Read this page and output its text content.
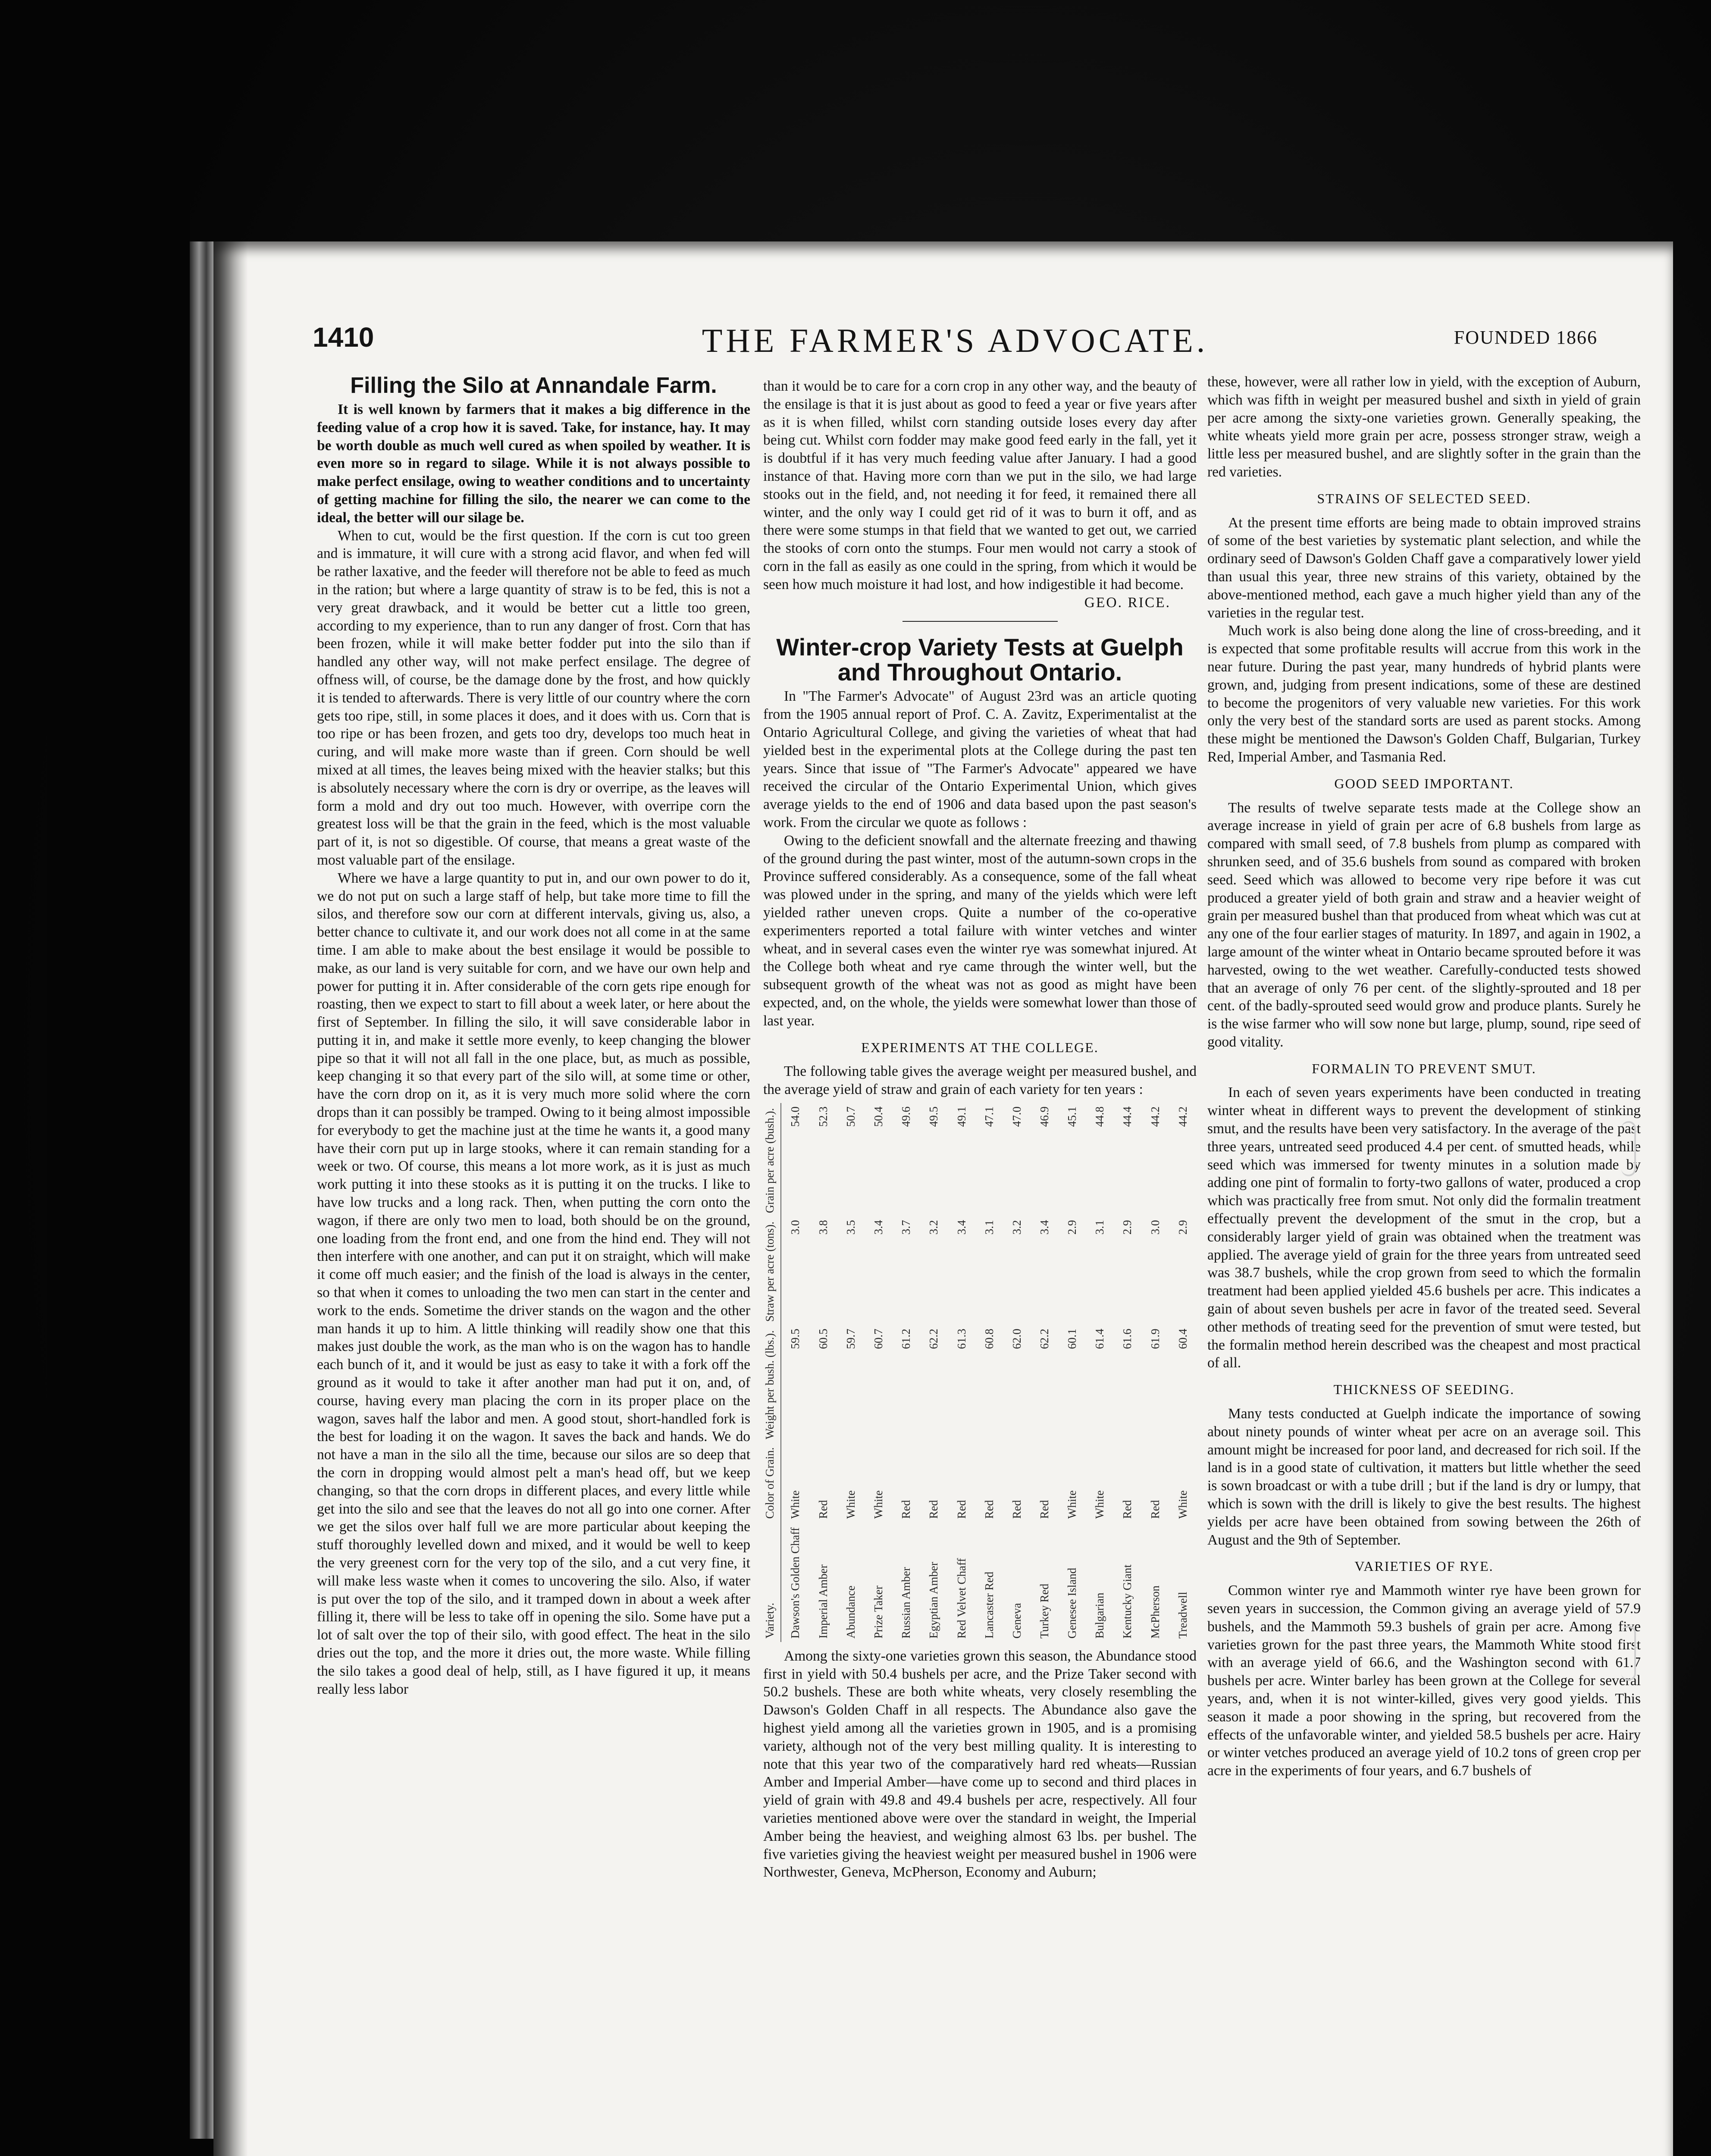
1410	THE FARMER'S ADVOCATE.	FOUNDED 1866
Filling the Silo at Annandale Farm.

It is well known by farmers that it makes a big difference in the feeding value of a crop how it is saved. Take, for instance, hay. It may be worth double as much well cured as when spoiled by weather. It is even more so in regard to silage. While it is not always possible to make perfect ensilage, owing to weather conditions and to uncertainty of getting machine for filling the silo, the nearer we can come to the ideal, the better will our silage be.

When to cut, would be the first question. If the corn is cut too green and is immature, it will cure with a strong acid flavor, and when fed will be rather laxative, and the feeder will therefore not be able to feed as much in the ration; but where a large quantity of straw is to be fed, this is not a very great drawback, and it would be better cut a little too green, according to my experience, than to run any danger of frost. Corn that has been frozen, while it will make better fodder put into the silo than if handled any other way, will not make perfect ensilage. The degree of offness will, of course, be the damage done by the frost, and how quickly it is tended to afterwards. There is very little of our country where the corn gets too ripe, still, in some places it does, and it does with us. Corn that is too ripe or has been frozen, and gets too dry, develops too much heat in curing, and will make more waste than if green. Corn should be well mixed at all times, the leaves being mixed with the heavier stalks; but this is absolutely necessary where the corn is dry or overripe, as the leaves will form a mold and dry out too much. However, with overripe corn the greatest loss will be that the grain in the feed, which is the most valuable part of it, is not so digestible. Of course, that means a great waste of the most valuable part of the ensilage.

Where we have a large quantity to put in, and our own power to do it, we do not put on such a large staff of help, but take more time to fill the silos, and therefore sow our corn at different intervals, giving us, also, a better chance to cultivate it, and our work does not all come in at the same time. I am able to make about the best ensilage it would be possible to make, as our land is very suitable for corn, and we have our own help and power for putting it in. After considerable of the corn gets ripe enough for roasting, then we expect to start to fill about a week later, or here about the first of September. In filling the silo, it will save considerable labor in putting it in, and make it settle more evenly, to keep changing the blower pipe so that it will not all fall in the one place, but, as much as possible, keep changing it so that every part of the silo will, at some time or other, have the corn drop on it, as it is very much more solid where the corn drops than it can possibly be tramped. Owing to it being almost impossible for everybody to get the machine just at the time he wants it, a good many have their corn put up in large stooks, where it can remain standing for a week or two. Of course, this means a lot more work, as it is just as much work putting it into these stooks as it is putting it on the trucks. I like to have low trucks and a long rack. Then, when putting the corn onto the wagon, if there are only two men to load, both should be on the ground, one loading from the front end, and one from the hind end. They will not then interfere with one another, and can put it on straight, which will make it come off much easier; and the finish of the load is always in the center, so that when it comes to unloading the two men can start in the center and work to the ends. Sometime the driver stands on the wagon and the other man hands it up to him. A little thinking will readily show one that this makes just double the work, as the man who is on the wagon has to handle each bunch of it, and it would be just as easy to take it with a fork off the ground as it would to take it after another man had put it on, and, of course, having every man placing the corn in its proper place on the wagon, saves half the labor and men. A good stout, short-handled fork is the best for loading it on the wagon. It saves the back and hands. We do not have a man in the silo all the time, because our silos are so deep that the corn in dropping would almost pelt a man's head off, but we keep changing, so that the corn drops in different places, and every little while get into the silo and see that the leaves do not all go into one corner. After we get the silos over half full we are more particular about keeping the stuff thoroughly levelled down and mixed, and it would be well to keep the very greenest corn for the very top of the silo, and a cut very fine, it will make less waste when it comes to uncovering the silo. Also, if water is put over the top of the silo, and it tramped down in about a week after filling it, there will be less to take off in opening the silo. Some have put a lot of salt over the top of their silo, with good effect. The heat in the silo dries out the top, and the more it dries out, the more waste. While filling the silo takes a good deal of help, still, as I have figured it up, it means really less labor

than it would be to care for a corn crop in any other way, and the beauty of the ensilage is that it is just about as good to feed a year or five years after as it is when filled, whilst corn standing outside loses every day after being cut. Whilst corn fodder may make good feed early in the fall, yet it is doubtful if it has very much feeding value after January. I had a good instance of that. Having more corn than we put in the silo, we had large stooks out in the field, and, not needing it for feed, it remained there all winter, and the only way I could get rid of it was to burn it off, and as there were some stumps in that field that we wanted to get out, we carried the stooks of corn onto the stumps. Four men would not carry a stook of corn in the fall as easily as one could in the spring, from which it would be seen how much moisture it had lost, and how indigestible it had become.

GEO. RICE.

Winter-crop Variety Tests at Guelph and Throughout Ontario.

In "The Farmer's Advocate" of August 23rd was an article quoting from the 1905 annual report of Prof. C. A. Zavitz, Experimentalist at the Ontario Agricultural College, and giving the varieties of wheat that had yielded best in the experimental plots at the College during the past ten years. Since that issue of "The Farmer's Advocate" appeared we have received the circular of the Ontario Experimental Union, which gives average yields to the end of 1906 and data based upon the past season's work. From the circular we quote as follows :

Owing to the deficient snowfall and the alternate freezing and thawing of the ground during the past winter, most of the autumn-sown crops in the Province suffered considerably. As a consequence, some of the fall wheat was plowed under in the spring, and many of the yields which were left yielded rather uneven crops. Quite a number of the co-operative experimenters reported a total failure with winter vetches and winter wheat, and in several cases even the winter rye was somewhat injured. At the College both wheat and rye came through the winter well, but the subsequent growth of the wheat was not as good as might have been expected, and, on the whole, the yields were somewhat lower than those of last year.

EXPERIMENTS AT THE COLLEGE.

The following table gives the average weight per measured bushel, and the average yield of straw and grain of each variety for ten years :

Variety.	Color of Grain.	Weight per bush. (lbs.).	Straw per acre (tons).	Grain per acre (bush.).
Dawson's Golden Chaff	White	59.5	3.0	54.0
Imperial Amber	Red	60.5	3.8	52.3
Abundance	White	59.7	3.5	50.7
Prize Taker	White	60.7	3.4	50.4
Russian Amber	Red	61.2	3.7	49.6
Egyptian Amber	Red	62.2	3.2	49.5
Red Velvet Chaff	Red	61.3	3.4	49.1
Lancaster Red	Red	60.8	3.1	47.1
Geneva	Red	62.0	3.2	47.0
Turkey Red	Red	62.2	3.4	46.9
Genesee Island	White	60.1	2.9	45.1
Bulgarian	White	61.4	3.1	44.8
Kentucky Giant	Red	61.6	2.9	44.4
McPherson	Red	61.9	3.0	44.2
Treadwell	White	60.4	2.9	44.2

Among the sixty-one varieties grown this season, the Abundance stood first in yield with 50.4 bushels per acre, and the Prize Taker second with 50.2 bushels. These are both white wheats, very closely resembling the Dawson's Golden Chaff in all respects. The Abundance also gave the highest yield among all the varieties grown in 1905, and is a promising variety, although not of the very best milling quality. It is interesting to note that this year two of the comparatively hard red wheats—Russian Amber and Imperial Amber—have come up to second and third places in yield of grain with 49.8 and 49.4 bushels per acre, respectively. All four varieties mentioned above were over the standard in weight, the Imperial Amber being the heaviest, and weighing almost 63 lbs. per bushel. The five varieties giving the heaviest weight per measured bushel in 1906 were Northwester, Geneva, McPherson, Economy and Auburn;

these, however, were all rather low in yield, with the exception of Auburn, which was fifth in weight per measured bushel and sixth in yield of grain per acre among the sixty-one varieties grown. Generally speaking, the white wheats yield more grain per acre, possess stronger straw, weigh a little less per measured bushel, and are slightly softer in the grain than the red varieties.

STRAINS OF SELECTED SEED.

At the present time efforts are being made to obtain improved strains of some of the best varieties by systematic plant selection, and while the ordinary seed of Dawson's Golden Chaff gave a comparatively lower yield than usual this year, three new strains of this variety, obtained by the above-mentioned method, each gave a much higher yield than any of the varieties in the regular test.

Much work is also being done along the line of cross-breeding, and it is expected that some profitable results will accrue from this work in the near future. During the past year, many hundreds of hybrid plants were grown, and, judging from present indications, some of these are destined to become the progenitors of very valuable new varieties. For this work only the very best of the standard sorts are used as parent stocks. Among these might be mentioned the Dawson's Golden Chaff, Bulgarian, Turkey Red, Imperial Amber, and Tasmania Red.

GOOD SEED IMPORTANT.

The results of twelve separate tests made at the College show an average increase in yield of grain per acre of 6.8 bushels from large as compared with small seed, of 7.8 bushels from plump as compared with shrunken seed, and of 35.6 bushels from sound as compared with broken seed. Seed which was allowed to become very ripe before it was cut produced a greater yield of both grain and straw and a heavier weight of grain per measured bushel than that produced from wheat which was cut at any one of the four earlier stages of maturity. In 1897, and again in 1902, a large amount of the winter wheat in Ontario became sprouted before it was harvested, owing to the wet weather. Carefully-conducted tests showed that an average of only 76 per cent. of the slightly-sprouted and 18 per cent. of the badly-sprouted seed would grow and produce plants. Surely he is the wise farmer who will sow none but large, plump, sound, ripe seed of good vitality.

FORMALIN TO PREVENT SMUT.

In each of seven years experiments have been conducted in treating winter wheat in different ways to prevent the development of stinking smut, and the results have been very satisfactory. In the average of the past three years, untreated seed produced 4.4 per cent. of smutted heads, while seed which was immersed for twenty minutes in a solution made by adding one pint of formalin to forty-two gallons of water, produced a crop which was practically free from smut. Not only did the formalin treatment effectually prevent the development of the smut in the crop, but a considerably larger yield of grain was obtained when the treatment was applied. The average yield of grain for the three years from untreated seed was 38.7 bushels, while the crop grown from seed to which the formalin treatment had been applied yielded 45.6 bushels per acre. This indicates a gain of about seven bushels per acre in favor of the treated seed. Several other methods of treating seed for the prevention of smut were tested, but the formalin method herein described was the cheapest and most practical of all.

THICKNESS OF SEEDING.

Many tests conducted at Guelph indicate the importance of sowing about ninety pounds of winter wheat per acre on an average soil. This amount might be increased for poor land, and decreased for rich soil. If the land is in a good state of cultivation, it matters but little whether the seed is sown broadcast or with a tube drill ; but if the land is dry or lumpy, that which is sown with the drill is likely to give the best results. The highest yields per acre have been obtained from sowing between the 26th of August and the 9th of September.

VARIETIES OF RYE.

Common winter rye and Mammoth winter rye have been grown for seven years in succession, the Common giving an average yield of 57.9 bushels, and the Mammoth 59.3 bushels of grain per acre. Among five varieties grown for the past three years, the Mammoth White stood first with an average yield of 66.6, and the Washington second with 61.7 bushels per acre. Winter barley has been grown at the College for several years, and, when it is not winter-killed, gives very good yields. This season it made a poor showing in the spring, but recovered from the effects of the unfavorable winter, and yielded 58.5 bushels per acre. Hairy or winter vetches produced an average yield of 10.2 tons of green crop per acre in the experiments of four years, and 6.7 bushels of
